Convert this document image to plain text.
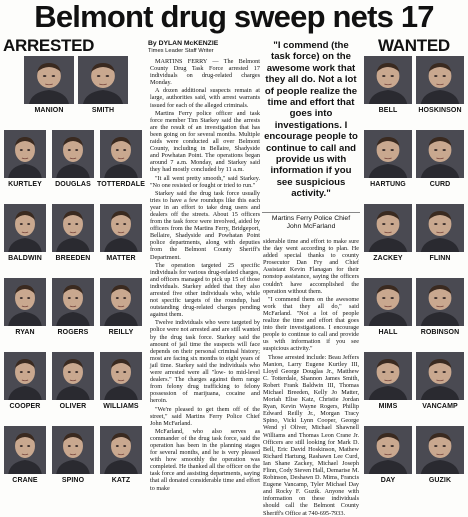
Belmont drug sweep nets 17
ARRESTED	WANTED
MANION	SMITH
KURTLEY	DOUGLAS TOTTERDALE
BALDWIN	BREEDEN	MATTER
RYAN	ROGERS	REILLY
COOPER	OLIVER	WILLIAMS
CRANE	SPINO	KATZ
BELL	HOSKINSON
HARTUNG	CURD
ZACKEY	FLINN
HALL	ROBINSON
MIMS	VANCAMP
DAY	GUZIK
By DYLAN McKENZIE
Times Leader Staff Writer

MARTINS FERRY — The Belmont County Drug Task Force arrested 17 individuals on drug-related charges Monday.

A dozen additional suspects remain at large, authorities said, with arrest warrants issued for each of the alleged criminals.

Martins Ferry police officer and task force member Tim Starkey said the arrests are the result of an investigation that has been going on for several months. Multiple raids were conducted all over Belmont County, including in Bellaire, Shadyside and Powhatan Point. The operations began around 7 a.m. Monday, and Starkey said they had mostly concluded by 11 a.m.

"It all went pretty smooth," said Starkey. "No one resisted or fought or tried to run."

Starkey said the drug task force usually tries to have a few roundups like this each year in an effort to take drug users and dealers off the streets. About 15 officers from the task force were involved, aided by officers from the Martins Ferry, Bridgeport, Bellaire, Shadyside and Powhatan Point police departments, along with deputies from the Belmont County Sheriff's Department.

The operation targeted 25 specific individuals for various drug-related charges, and officers managed to pick up 15 of those individuals. Starkey added that they also arrested five other individuals who, while not specific targets of the roundup, had outstanding drug-related charges pending against them.

Twelve individuals who were targeted by police were not arrested and are still wanted by the drug task force. Starkey said the amount of jail time the suspects will face depends on their personal criminal history; most are facing six months to eight years of jail time. Starkey said the individuals who were arrested were all "low- to mid-level dealers." The charges against them range from felony drug trafficking to felony possession of marijuana, cocaine and heroin.

"We're pleased to get them off of the street," said Martins Ferry Police Chief John McFarland.

McFarland, who also serves as commander of the drug task force, said the operation has been in the planning stages for several months, and he is very pleased with how smoothly the operation was completed. He thanked all the officer on the task force and assisting departments, saying that all donated considerable time and effort to make

"I commend (the task force) on the awesome work that they all do. Not a lot of people realize the time and effort that goes into investigations. I encourage people to continue to call and provide us with information if you see suspicious activity."
Martins Ferry Police Chief
John McFarland

siderable time and effort to make sure the day went according to plan. He added special thanks to county Prosecutor Dan Fry and Chief Assistant Kevin Flanagan for their nonstop assistance, saying the officers couldn't have accomplished the operation without them.

"I commend them on the awesome work that they all do," said McFarland. "Not a lot of people realize the time and effort that goes into their investigations. I encourage people to continue to call and provide us with information if you see suspicious activity."

Those arrested include: Beau Jeffers Manion, Larry Eugene Kurtley III, Lloyd George Douglas Jr., Matthew C. Totterdale, Shannon James Smith, Robert Frank Baldwin III, Thomas Michael Breeden, Kelly Jo Matter, Moriah Elise Katz, Christie Jordan Ryan, Kevin Wayne Rogers, Phillip Edward Reilly Jr., Morgan Tracy Spino, Vicki Lynn Cooper, George Wend yl Oliver, Michael Shawnell Williams and Thomas Leon Crane Jr. Officers are still looking for Mark D. Bell, Eric David Hoskinson, Mathew Richard Hartung, Rashawn Lee Curd, Ian Shane Zackey, Michael Joseph Flinn, Cody Steven Hall, Demarise M. Robinson, Deshawn D. Mims, Francis Eugene Vancamp, Tyler Michael Day and Rocky F. Guzik. Anyone with information on these individuals should call the Belmont County Sheriff's Office at 740-695-7933.
